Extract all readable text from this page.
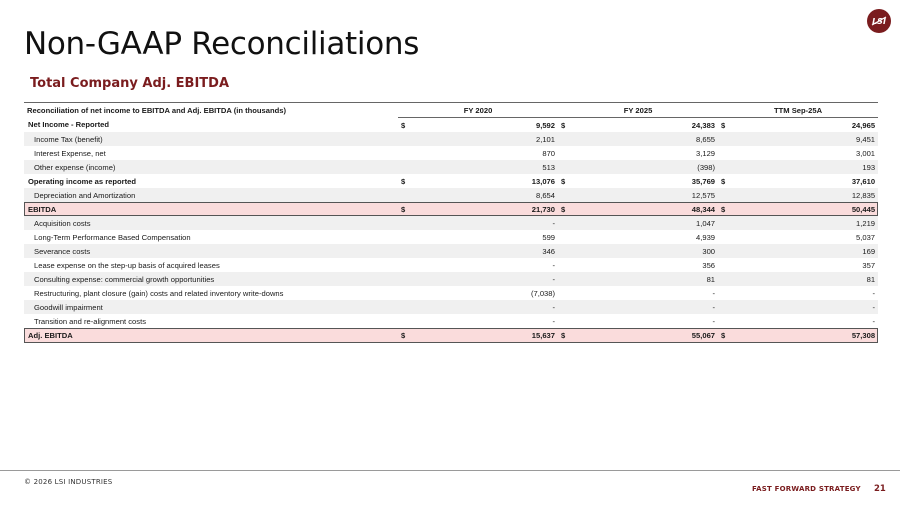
Non-GAAP Reconciliations
Total Company Adj. EBITDA
LSI
Reconciliation of net income to EBITDA and Adj. EBITDA (in thousands)	FY 2020		FY 2025		TTM Sep-25A	
Net Income - Reported	$	9,592	$	24,383	$	24,965
Income Tax (benefit)		2,101		8,655		9,451
Interest Expense, net		870		3,129		3,001
Other expense (income)		513		(398)		193
Operating income as reported	$	13,076	$	35,769	$	37,610
Depreciation and Amortization		8,654		12,575		12,835
EBITDA	$	21,730	$	48,344	$	50,445
Acquisition costs		-		1,047		1,219
Long-Term Performance Based Compensation		599		4,939		5,037
Severance costs		346		300		169
Lease expense on the step-up basis of acquired leases		-		356		357
Consulting expense: commercial growth opportunities		-		81		81
Restructuring, plant closure (gain) costs and related inventory write-downs		(7,038)		-		-
Goodwill impairment		-		-		-
Transition and re-alignment costs		-		-		-
Adj. EBITDA	$	15,637	$	55,067	$	57,308
© 2026 LSI INDUSTRIES
FAST FORWARD STRATEGY 21
